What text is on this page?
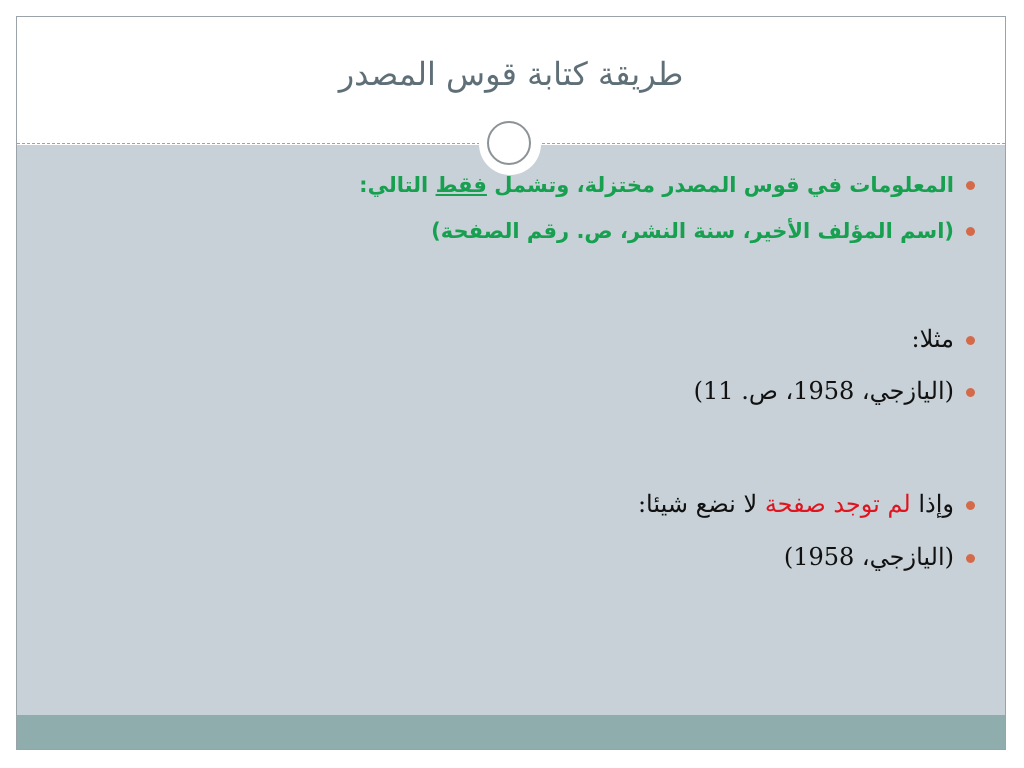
طريقة كتابة قوس المصدر
المعلومات في قوس المصدر مختزلة، وتشمل فقط التالي:
(اسم المؤلف الأخير، سنة النشر، ص. رقم الصفحة)
مثلا:
(اليازجي، 1958، ص. 11)
وإذا لم توجد صفحة لا نضع شيئا:
(اليازجي، 1958)
